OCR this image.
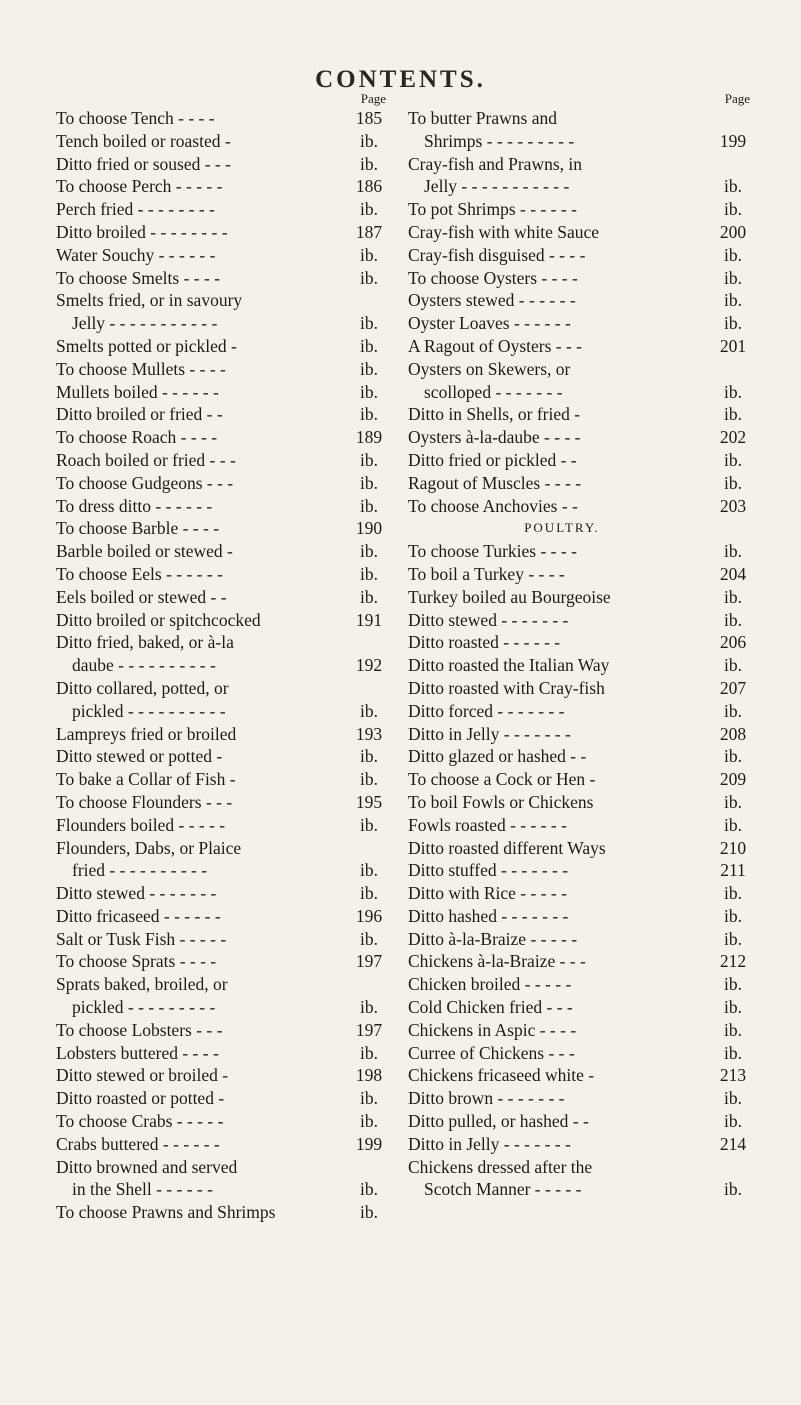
CONTENTS.
Page
To choose Tench - - - -	185
Tench boiled or roasted -	ib.
Ditto fried or soused - - -	ib.
To choose Perch - - - - -	186
Perch fried - - - - - - - -	ib.
Ditto broiled - - - - - - - -	187
Water Souchy - - - - - -	ib.
To choose Smelts - - - -	ib.
Smelts fried, or in savoury
Jelly - - - - - - - - - - -	ib.
Smelts potted or pickled -	ib.
To choose Mullets - - - -	ib.
Mullets boiled - - - - - -	ib.
Ditto broiled or fried - -	ib.
To choose Roach - - - -	189
Roach boiled or fried - - -	ib.
To choose Gudgeons - - -	ib.
To dress ditto - - - - - -	ib.
To choose Barble - - - -	190
Barble boiled or stewed -	ib.
To choose Eels - - - - - -	ib.
Eels boiled or stewed - -	ib.
Ditto broiled or spitchcocked	191
Ditto fried, baked, or à-la
daube - - - - - - - - - -	192
Ditto collared, potted, or
pickled - - - - - - - - - -	ib.
Lampreys fried or broiled	193
Ditto stewed or potted -	ib.
To bake a Collar of Fish -	ib.
To choose Flounders - - -	195
Flounders boiled - - - - -	ib.
Flounders, Dabs, or Plaice
fried - - - - - - - - - -	ib.
Ditto stewed - - - - - - -	ib.
Ditto fricaseed - - - - - -	196
Salt or Tusk Fish - - - - -	ib.
To choose Sprats - - - -	197
Sprats baked, broiled, or
pickled - - - - - - - - -	ib.
To choose Lobsters - - -	197
Lobsters buttered - - - -	ib.
Ditto stewed or broiled -	198
Ditto roasted or potted -	ib.
To choose Crabs - - - - -	ib.
Crabs buttered - - - - - -	199
Ditto browned and served
in the Shell - - - - - -	ib.
To choose Prawns and Shrimps	ib.
Page
To butter Prawns and
Shrimps - - - - - - - - -	199
Cray-fish and Prawns, in
Jelly - - - - - - - - - - -	ib.
To pot Shrimps - - - - - -	ib.
Cray-fish with white Sauce	200
Cray-fish disguised - - - -	ib.
To choose Oysters - - - -	ib.
Oysters stewed - - - - - -	ib.
Oyster Loaves - - - - - -	ib.
A Ragout of Oysters - - -	201
Oysters on Skewers, or
scolloped - - - - - - -	ib.
Ditto in Shells, or fried -	ib.
Oysters à-la-daube - - - -	202
Ditto fried or pickled - -	ib.
Ragout of Muscles - - - -	ib.
To choose Anchovies - -	203
POULTRY.
To choose Turkies - - - -	ib.
To boil a Turkey - - - -	204
Turkey boiled au Bourgeoise	ib.
Ditto stewed - - - - - - -	ib.
Ditto roasted - - - - - -	206
Ditto roasted the Italian Way	ib.
Ditto roasted with Cray-fish	207
Ditto forced - - - - - - -	ib.
Ditto in Jelly - - - - - - -	208
Ditto glazed or hashed - -	ib.
To choose a Cock or Hen -	209
To boil Fowls or Chickens	ib.
Fowls roasted - - - - - -	ib.
Ditto roasted different Ways	210
Ditto stuffed - - - - - - -	211
Ditto with Rice - - - - -	ib.
Ditto hashed - - - - - - -	ib.
Ditto à-la-Braize - - - - -	ib.
Chickens à-la-Braize - - -	212
Chicken broiled - - - - -	ib.
Cold Chicken fried - - -	ib.
Chickens in Aspic - - - -	ib.
Curree of Chickens - - -	ib.
Chickens fricaseed white -	213
Ditto brown - - - - - - -	ib.
Ditto pulled, or hashed - -	ib.
Ditto in Jelly - - - - - - -	214
Chickens dressed after the
Scotch Manner - - - - -	ib.
